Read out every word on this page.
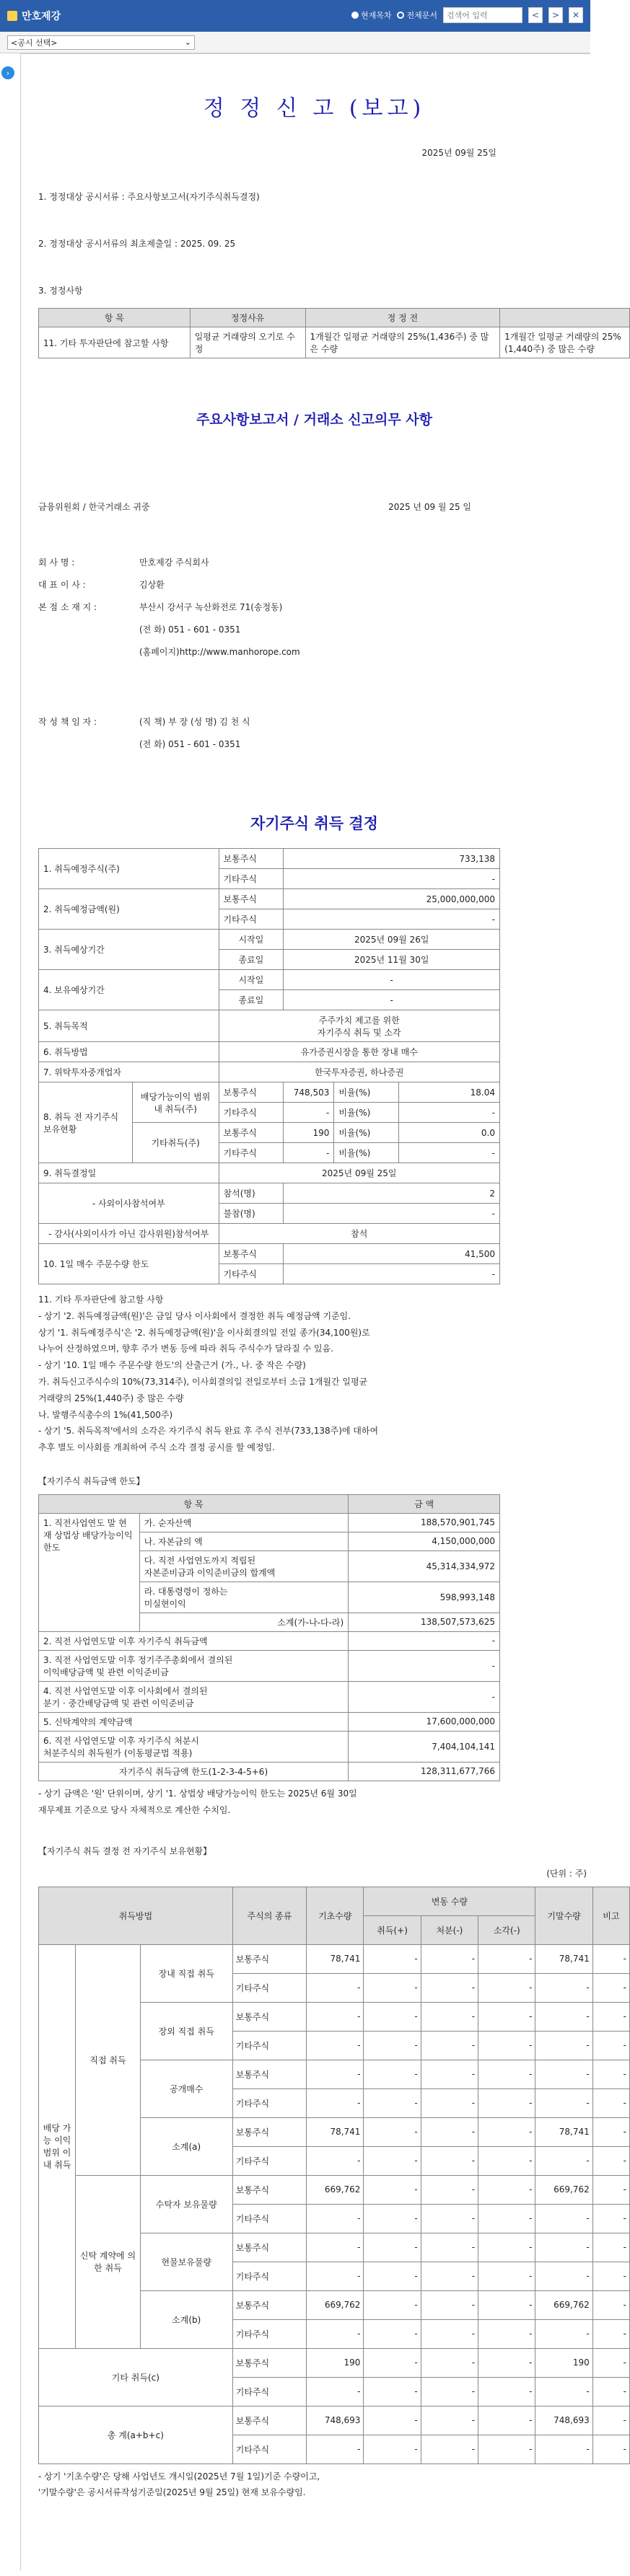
만호제강	현재목차 전체문서
검색어 입력	<	>	✕
<공시 선택>	⌄
›
정 정 신 고 (보고)
2025년 09월 25일
1. 정정대상 공시서류 : 주요사항보고서(자기주식취득결정)
2. 정정대상 공시서류의 최초제출일 : 2025. 09. 25
3. 정정사항
항 목	정정사유	정 정 전	
11. 기타 투자판단에 참고할 사항	일평균 거래량의 오기로 수정	1개월간 일평균 거래량의 25%(1,436주) 중 많은 수량	1개월간 일평균 거래량의 25%(1,440주) 중 많은 수량
주요사항보고서 / 거래소 신고의무 사항
금융위원회 / 한국거래소 귀중	2025 년 09 월 25 일
회 사 명 :	만호제강 주식회사
대 표 이 사 :	김상환
본 점 소 재 지 :	부산시 강서구 녹산화전로 71(송정동)
(전 화) 051 - 601 - 0351
(홈페이지)http://www.manhorope.com
작 성 책 임 자 :	(직 책) 부 장 (성 명) 김 천 식
(전 화) 051 - 601 - 0351
자기주식 취득 결정
1. 취득예정주식(주)		보통주식	733,138		
		기타주식	-		
2. 취득예정금액(원)		보통주식	25,000,000,000		
		기타주식	-		
3. 취득예상기간		시작일	2025년 09월 26일		
		종료일	2025년 11월 30일		
4. 보유예상기간		시작일	-		
		종료일	-		
5. 취득목적		주주가치 제고를 위한
자기주식 취득 및 소각			

6. 취득방법		유가증권시장을 통한 장내 매수			
7. 위탁투자중개업자		한국투자증권, 하나증권			
8. 취득 전 자기주식 보유현황	배당가능이익 범위 내 취득(주)	보통주식	748,503	비율(%)	18.04
		기타주식	-	비율(%)	-
	기타취득(주)	보통주식	190	비율(%)	0.0
		기타주식	-	비율(%)	-
9. 취득결정일		2025년 09월 25일			
- 사외이사참석여부		참석(명)	2		
		불참(명)	-		
- 감사(사외이사가 아닌 감사위원)참석여부		참석			
10. 1일 매수 주문수량 한도		보통주식	41,500		
		기타주식	-		
11. 기타 투자판단에 참고할 사항
- 상기 '2. 취득예정금액(원)'은 금일 당사 이사회에서 결정한 취득 예정금액 기준임.
상기 '1. 취득예정주식'은 '2. 취득예정금액(원)'을 이사회결의일 전일 종가(34,100원)로
나누어 산정하였으며, 향후 주가 변동 등에 따라 취득 주식수가 달라질 수 있음.
- 상기 '10. 1일 매수 주문수량 한도'의 산출근거 (가., 나. 중 작은 수량)
가. 취득신고주식수의 10%(73,314주), 이사회결의일 전일로부터 소급 1개월간 일평균
거래량의 25%(1,440주) 중 많은 수량
나. 발행주식총수의 1%(41,500주)
- 상기 '5. 취득목적'에서의 소각은 자기주식 취득 완료 후 주식 전부(733,138주)에 대하여
추후 별도 이사회를 개최하여 주식 소각 결정 공시를 할 예정임.
【자기주식 취득금액 한도】
항 목		금 액
1. 직전사업연도 말 현재 상법상 배당가능이익 한도	가. 순자산액	188,570,901,745
	나. 자본금의 액	4,150,000,000

	다. 직전 사업연도까지 적립된
자본준비금과 이익준비금의 합계액	45,314,334,972

	라. 대통령령이 정하는
미실현이익	598,993,148
	소계(가-나-다-라)	138,507,573,625
2. 직전 사업연도말 이후 자기주식 취득금액		-

3. 직전 사업연도말 이후 정기주주총회에서 결의된
이익배당금액 및 관련 이익준비금		-

4. 직전 사업연도말 이후 이사회에서 결의된
분기 · 중간배당금액 및 관련 이익준비금		-
5. 신탁계약의 계약금액		17,600,000,000

6. 직전 사업연도말 이후 자기주식 처분시
처분주식의 취득원가 (이동평균법 적용)		7,404,104,141
자기주식 취득금액 한도(1-2-3-4-5+6)		128,311,677,766
- 상기 금액은 '원' 단위이며, 상기 '1. 상법상 배당가능이익 한도는 2025년 6월 30일
재무제표 기준으로 당사 자체적으로 계산한 수치임.
【자기주식 취득 결정 전 자기주식 보유현황】
(단위 : 주)
취득방법			주식의 종류	기초수량	변동 수량			기말수량	비고
					취득(+)	처분(-)	소각(-)		
배당 가능 이익 범위 이내 취득	직접 취득	장내 직접 취득	보통주식	78,741	-	-	-	78,741	-
			기타주식	-	-	-	-	-	-
		장외 직접 취득	보통주식	-	-	-	-	-	-
			기타주식	-	-	-	-	-	-
		공개매수	보통주식	-	-	-	-	-	-
			기타주식	-	-	-	-	-	-
		소계(a)	보통주식	78,741	-	-	-	78,741	-
			기타주식	-	-	-	-	-	-
	신탁 계약에 의한 취득	수탁자 보유물량	보통주식	669,762	-	-	-	669,762	-
			기타주식	-	-	-	-	-	-
		현물보유물량	보통주식	-	-	-	-	-	-
			기타주식	-	-	-	-	-	-
		소계(b)	보통주식	669,762	-	-	-	669,762	-
			기타주식	-	-	-	-	-	-
기타 취득(c)			보통주식	190	-	-	-	190	-
			기타주식	-	-	-	-	-	-
총 계(a+b+c)			보통주식	748,693	-	-	-	748,693	-
			기타주식	-	-	-	-	-	-
- 상기 '기초수량'은 당해 사업년도 개시일(2025년 7월 1일)기준 수량이고,
'기말수량'은 공시서류작성기준일(2025년 9월 25일) 현재 보유수량임.
